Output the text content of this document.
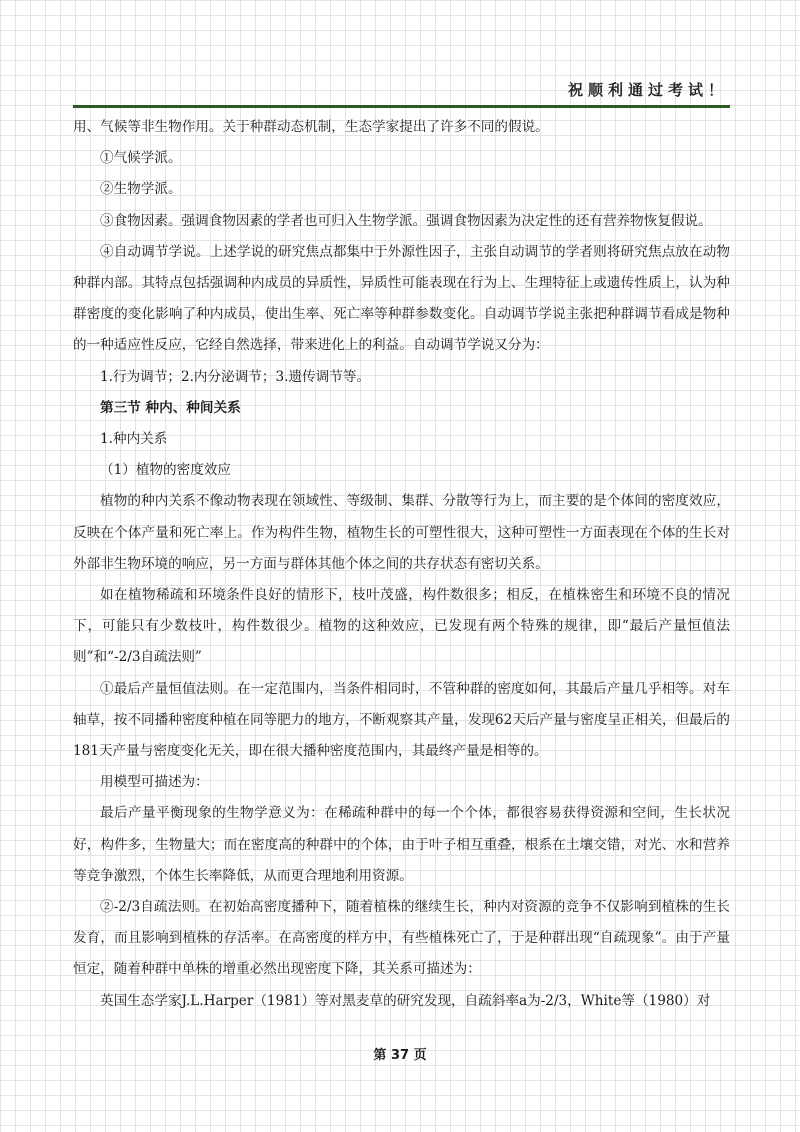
祝顺利通过考试！

用、气候等非生物作用。关于种群动态机制，生态学家提出了许多不同的假说。

①气候学派。

②生物学派。

③食物因素。强调食物因素的学者也可归入生物学派。强调食物因素为决定性的还有营养物恢复假说。

④自动调节学说。上述学说的研究焦点都集中于外源性因子，主张自动调节的学者则将研究焦点放在动物种群内部。其特点包括强调种内成员的异质性，异质性可能表现在行为上、生理特征上或遗传性质上，认为种群密度的变化影响了种内成员，使出生率、死亡率等种群参数变化。自动调节学说主张把种群调节看成是物种的一种适应性反应，它经自然选择，带来进化上的利益。自动调节学说又分为：

1.行为调节；2.内分泌调节；3.遗传调节等。

第三节 种内、种间关系

1.种内关系

（1）植物的密度效应

植物的种内关系不像动物表现在领域性、等级制、集群、分散等行为上，而主要的是个体间的密度效应，反映在个体产量和死亡率上。作为构件生物，植物生长的可塑性很大，这种可塑性一方面表现在个体的生长对外部非生物环境的响应，另一方面与群体其他个体之间的共存状态有密切关系。

如在植物稀疏和环境条件良好的情形下，枝叶茂盛，构件数很多；相反，在植株密生和环境不良的情况下，可能只有少数枝叶，构件数很少。植物的这种效应，已发现有两个特殊的规律，即“最后产量恒值法则”和“-2/3自疏法则”

①最后产量恒值法则。在一定范围内，当条件相同时，不管种群的密度如何，其最后产量几乎相等。对车轴草，按不同播种密度种植在同等肥力的地方，不断观察其产量，发现62天后产量与密度呈正相关，但最后的181天产量与密度变化无关，即在很大播种密度范围内，其最终产量是相等的。

用模型可描述为：

最后产量平衡现象的生物学意义为：在稀疏种群中的每一个个体，都很容易获得资源和空间，生长状况好，构件多，生物量大；而在密度高的种群中的个体，由于叶子相互重叠，根系在土壤交错，对光、水和营养等竞争激烈，个体生长率降低，从而更合理地利用资源。

②-2/3自疏法则。在初始高密度播种下，随着植株的继续生长，种内对资源的竞争不仅影响到植株的生长发育，而且影响到植株的存活率。在高密度的样方中，有些植株死亡了，于是种群出现“自疏现象”。由于产量恒定，随着种群中单株的增重必然出现密度下降，其关系可描述为：

英国生态学家J.L.Harper（1981）等对黑麦草的研究发现，自疏斜率a为-2/3，White等（1980）对

第 37 页
